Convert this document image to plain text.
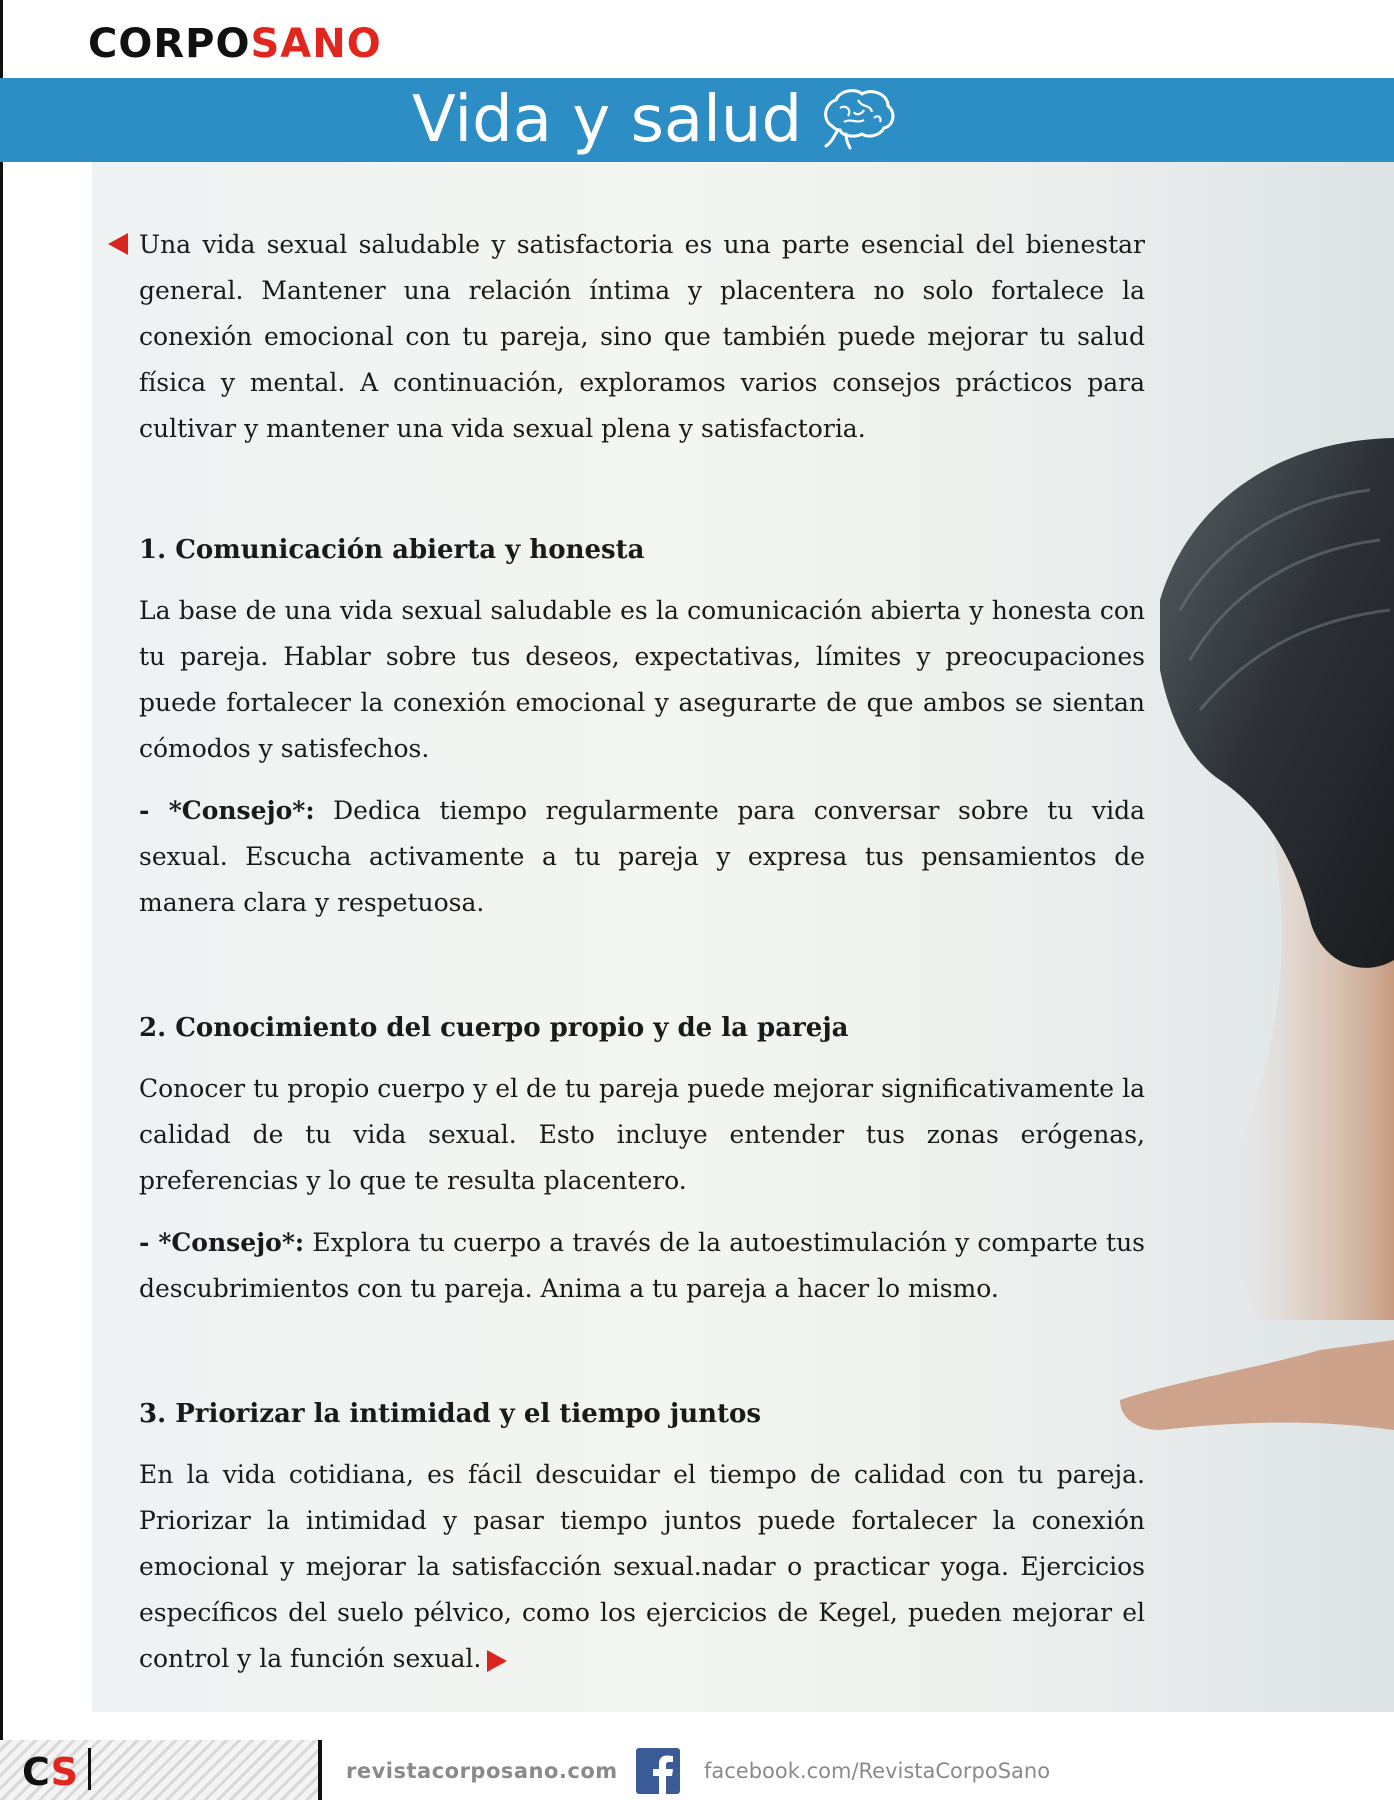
CORPOSANO
Vida y salud

Una vida sexual saludable y satisfactoria es una parte esencial del bienestar general. Mantener una relación íntima y placentera no solo fortalece la conexión emocional con tu pareja, sino que también puede mejorar tu salud física y mental. A continuación, exploramos varios consejos prácticos para cultivar y mantener una vida sexual plena y satisfactoria.

1. Comunicación abierta y honesta

La base de una vida sexual saludable es la comunicación abierta y honesta con tu pareja. Hablar sobre tus deseos, expectativas, límites y preocupaciones puede fortalecer la conexión emocional y asegurarte de que ambos se sientan cómodos y satisfechos.

- *Consejo*: Dedica tiempo regularmente para conversar sobre tu vida sexual. Escucha activamente a tu pareja y expresa tus pensamientos de manera clara y respetuosa.

2. Conocimiento del cuerpo propio y de la pareja

Conocer tu propio cuerpo y el de tu pareja puede mejorar significativamente la calidad de tu vida sexual. Esto incluye entender tus zonas erógenas, preferencias y lo que te resulta placentero.

- *Consejo*: Explora tu cuerpo a través de la autoestimulación y comparte tus descubrimientos con tu pareja. Anima a tu pareja a hacer lo mismo.

3. Priorizar la intimidad y el tiempo juntos

En la vida cotidiana, es fácil descuidar el tiempo de calidad con tu pareja. Priorizar la intimidad y pasar tiempo juntos puede fortalecer la conexión emocional y mejorar la satisfacción sexual.nadar o practicar yoga. Ejercicios específicos del suelo pélvico, como los ejercicios de Kegel, pueden mejorar el control y la función sexual.

CS	revistacorposano.com	facebook.com/RevistaCorpoSano
